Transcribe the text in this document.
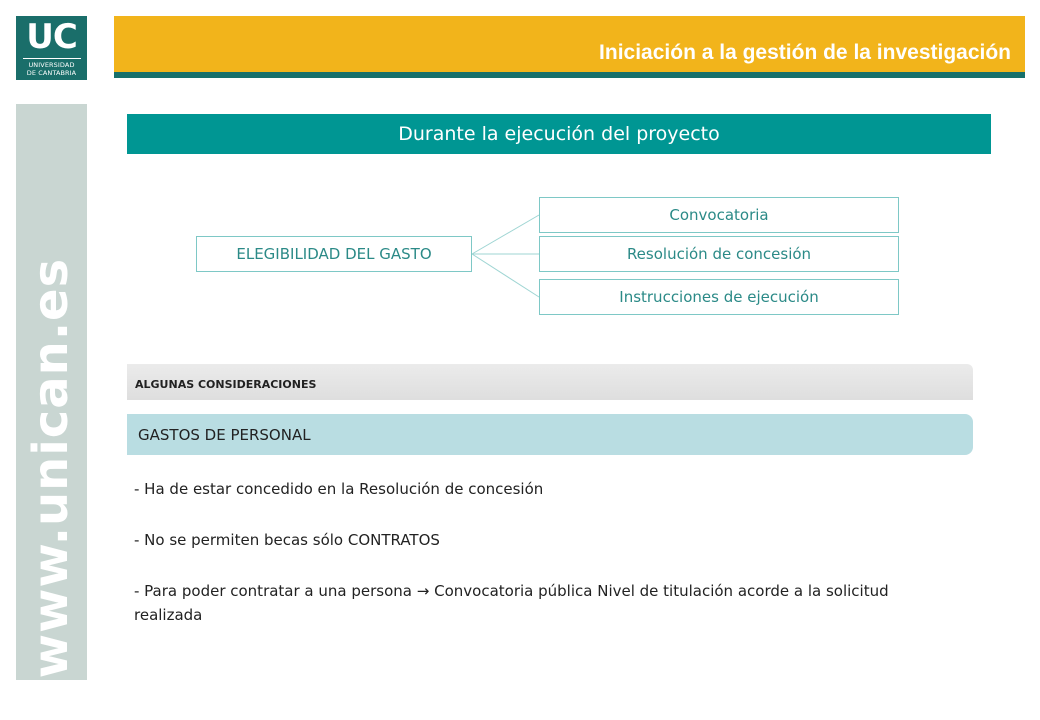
UC
UNIVERSIDAD
DE CANTABRIA
Iniciación a la gestión de la investigación
www.unican.es
Durante la ejecución del proyecto
ELEGIBILIDAD DEL GASTO
Convocatoria
Resolución de concesión
Instrucciones de ejecución
ALGUNAS CONSIDERACIONES
GASTOS DE PERSONAL
- Ha de estar concedido en la Resolución de concesión
- No se permiten becas sólo CONTRATOS
- Para poder contratar a una persona → Convocatoria pública Nivel de titulación acorde a la solicitud realizada
